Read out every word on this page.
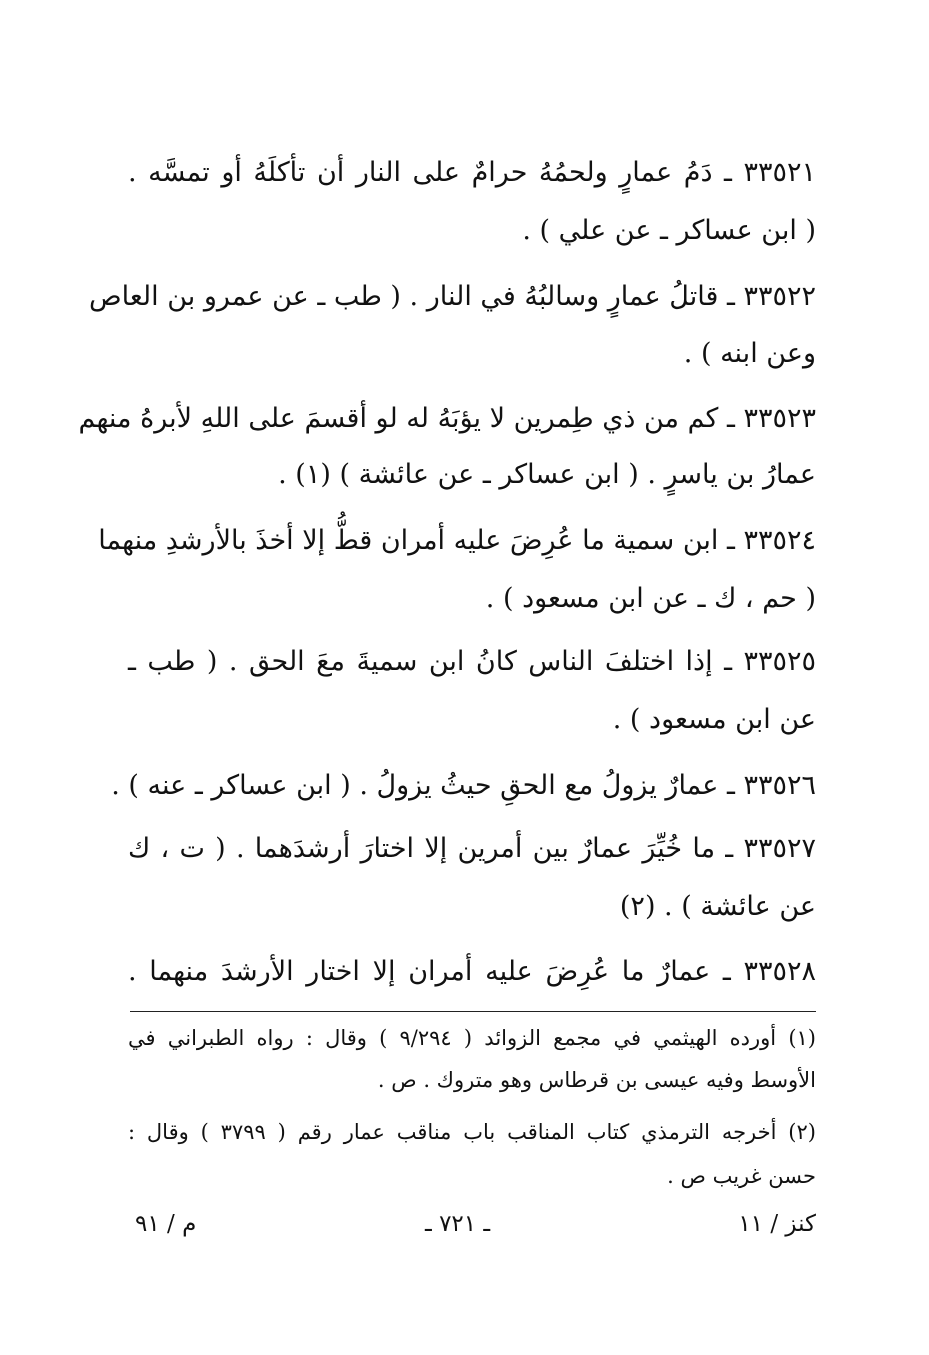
٣٣٥٢١ ـ دَمُ عمارٍ ولحمُهُ حرامٌ على النار أن تأكلَهُ أو تمسَّه .
( ابن عساكر ـ عن علي ) .
٣٣٥٢٢ ـ قاتلُ عمارٍ وسالبُهُ في النار . ( طب ـ عن عمرو بن العاص
وعن ابنه ) .
٣٣٥٢٣ ـ كم من ذي طِمرين لا يؤبَهُ له لو أقسمَ على اللهِ لأبرهُ منهم
عمارُ بن ياسرٍ . ( ابن عساكر ـ عن عائشة ) (١) .
٣٣٥٢٤ ـ ابن سمية ما عُرِضَ عليه أمران قطُّ إلا أخذَ بالأرشدِ منهما
( حم ، ك ـ عن ابن مسعود ) .
٣٣٥٢٥ ـ إذا اختلفَ الناس كانُ ابن سميةَ معَ الحق . ( طب ـ
عن ابن مسعود ) .
٣٣٥٢٦ ـ عمارٌ يزولُ مع الحقِ حيثُ يزولُ . ( ابن عساكر ـ عنه ) .
٣٣٥٢٧ ـ ما خُيِّرَ عمارٌ بين أمرين إلا اختارَ أرشدَهما . ( ت ، ك
عن عائشة ) . (٢)
٣٣٥٢٨ ـ عمارٌ ما عُرِضَ عليه أمران إلا اختار الأرشدَ منهما .
(١) أورده الهيثمي في مجمع الزوائد ( ٩/٢٩٤ ) وقال : رواه الطبراني في
الأوسط وفيه عيسى بن قرطاس وهو متروك . ص .
(٢) أخرجه الترمذي كتاب المناقب باب مناقب عمار رقم ( ٣٧٩٩ ) وقال :
حسن غريب ص .
كنز / ١١
ـ ٧٢١ ـ
م / ٩١
